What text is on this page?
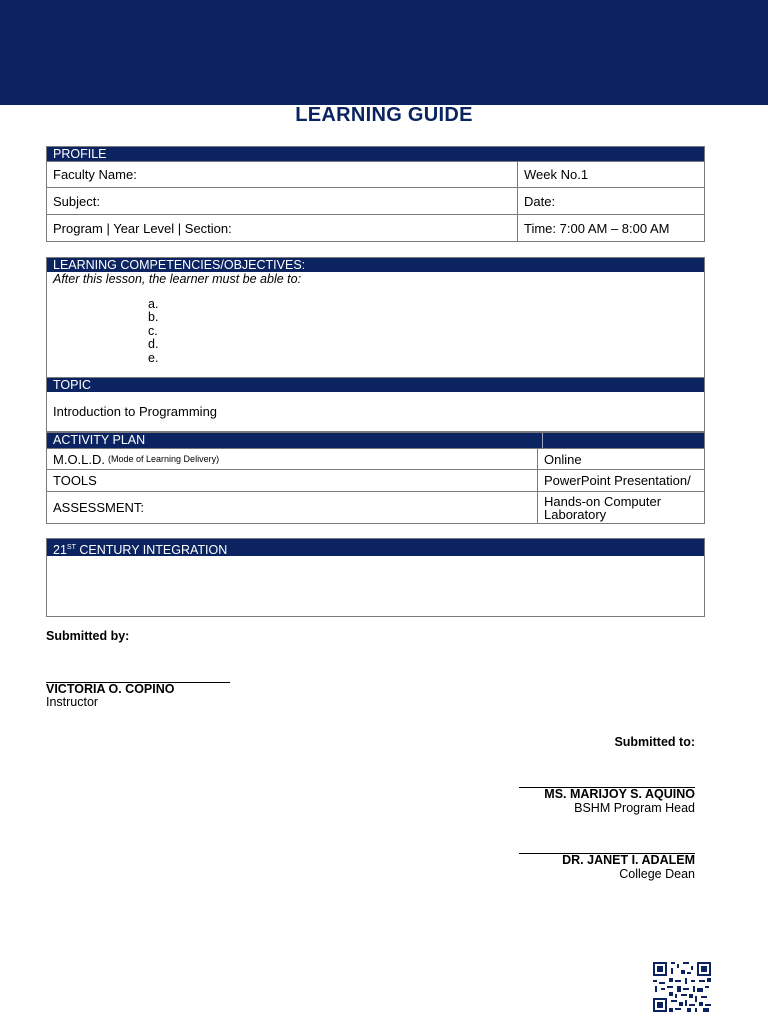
LEARNING GUIDE
PROFILE
Faculty Name:	Week No.1
Subject:	Date:
Program | Year Level | Section:	Time: 7:00 AM – 8:00 AM
LEARNING COMPETENCIES/OBJECTIVES:
After this lesson, the learner must be able to:
a.
b.
c.
d.
e.
TOPIC
Introduction to Programming
ACTIVITY PLAN
M.O.L.D. (Mode of Learning Delivery)	Online
TOOLS	PowerPoint Presentation/
ASSESSMENT:	Hands-on Computer Laboratory
21ST CENTURY INTEGRATION
Submitted by:
VICTORIA O. COPINO
Instructor
Submitted to:
MS. MARIJOY S. AQUINO
BSHM Program Head
DR. JANET I. ADALEM
College Dean
